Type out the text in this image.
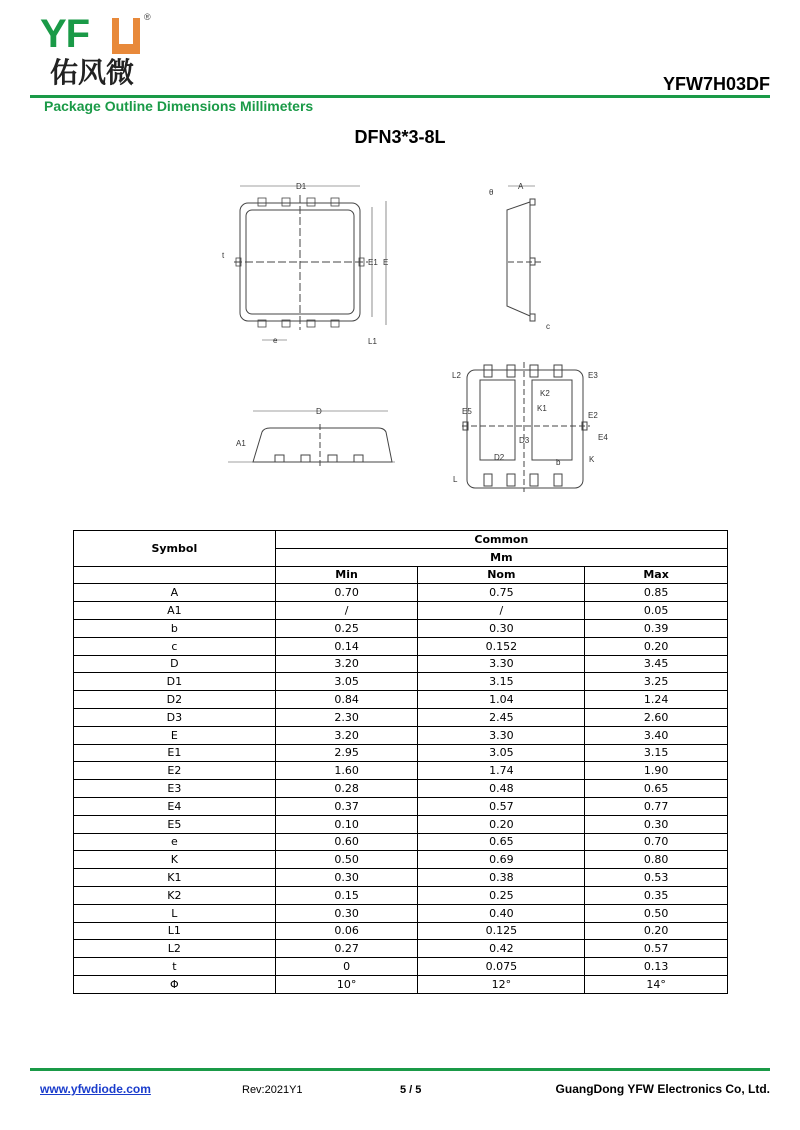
YF	®
佑风微	YFW7H03DF
Package Outline Dimensions Millimeters
DFN3*3-8L
D1
E1 E
t
e	L1
A
θ
c
D
A1
L2	E3
K2
K1
E5	E2
D3	E4
D2
b	K
L
Symbol	Common		
	Mm		
	Min	Nom	Max
A	0.70	0.75	0.85
A1	/	/	0.05
b	0.25	0.30	0.39
c	0.14	0.152	0.20
D	3.20	3.30	3.45
D1	3.05	3.15	3.25
D2	0.84	1.04	1.24
D3	2.30	2.45	2.60
E	3.20	3.30	3.40
E1	2.95	3.05	3.15
E2	1.60	1.74	1.90
E3	0.28	0.48	0.65
E4	0.37	0.57	0.77
E5	0.10	0.20	0.30
e	0.60	0.65	0.70
K	0.50	0.69	0.80
K1	0.30	0.38	0.53
K2	0.15	0.25	0.35
L	0.30	0.40	0.50
L1	0.06	0.125	0.20
L2	0.27	0.42	0.57
t	0	0.075	0.13
Φ	10°	12°	14°
www.yfwdiode.com	Rev:2021Y1	5 / 5	GuangDong YFW Electronics Co, Ltd.
